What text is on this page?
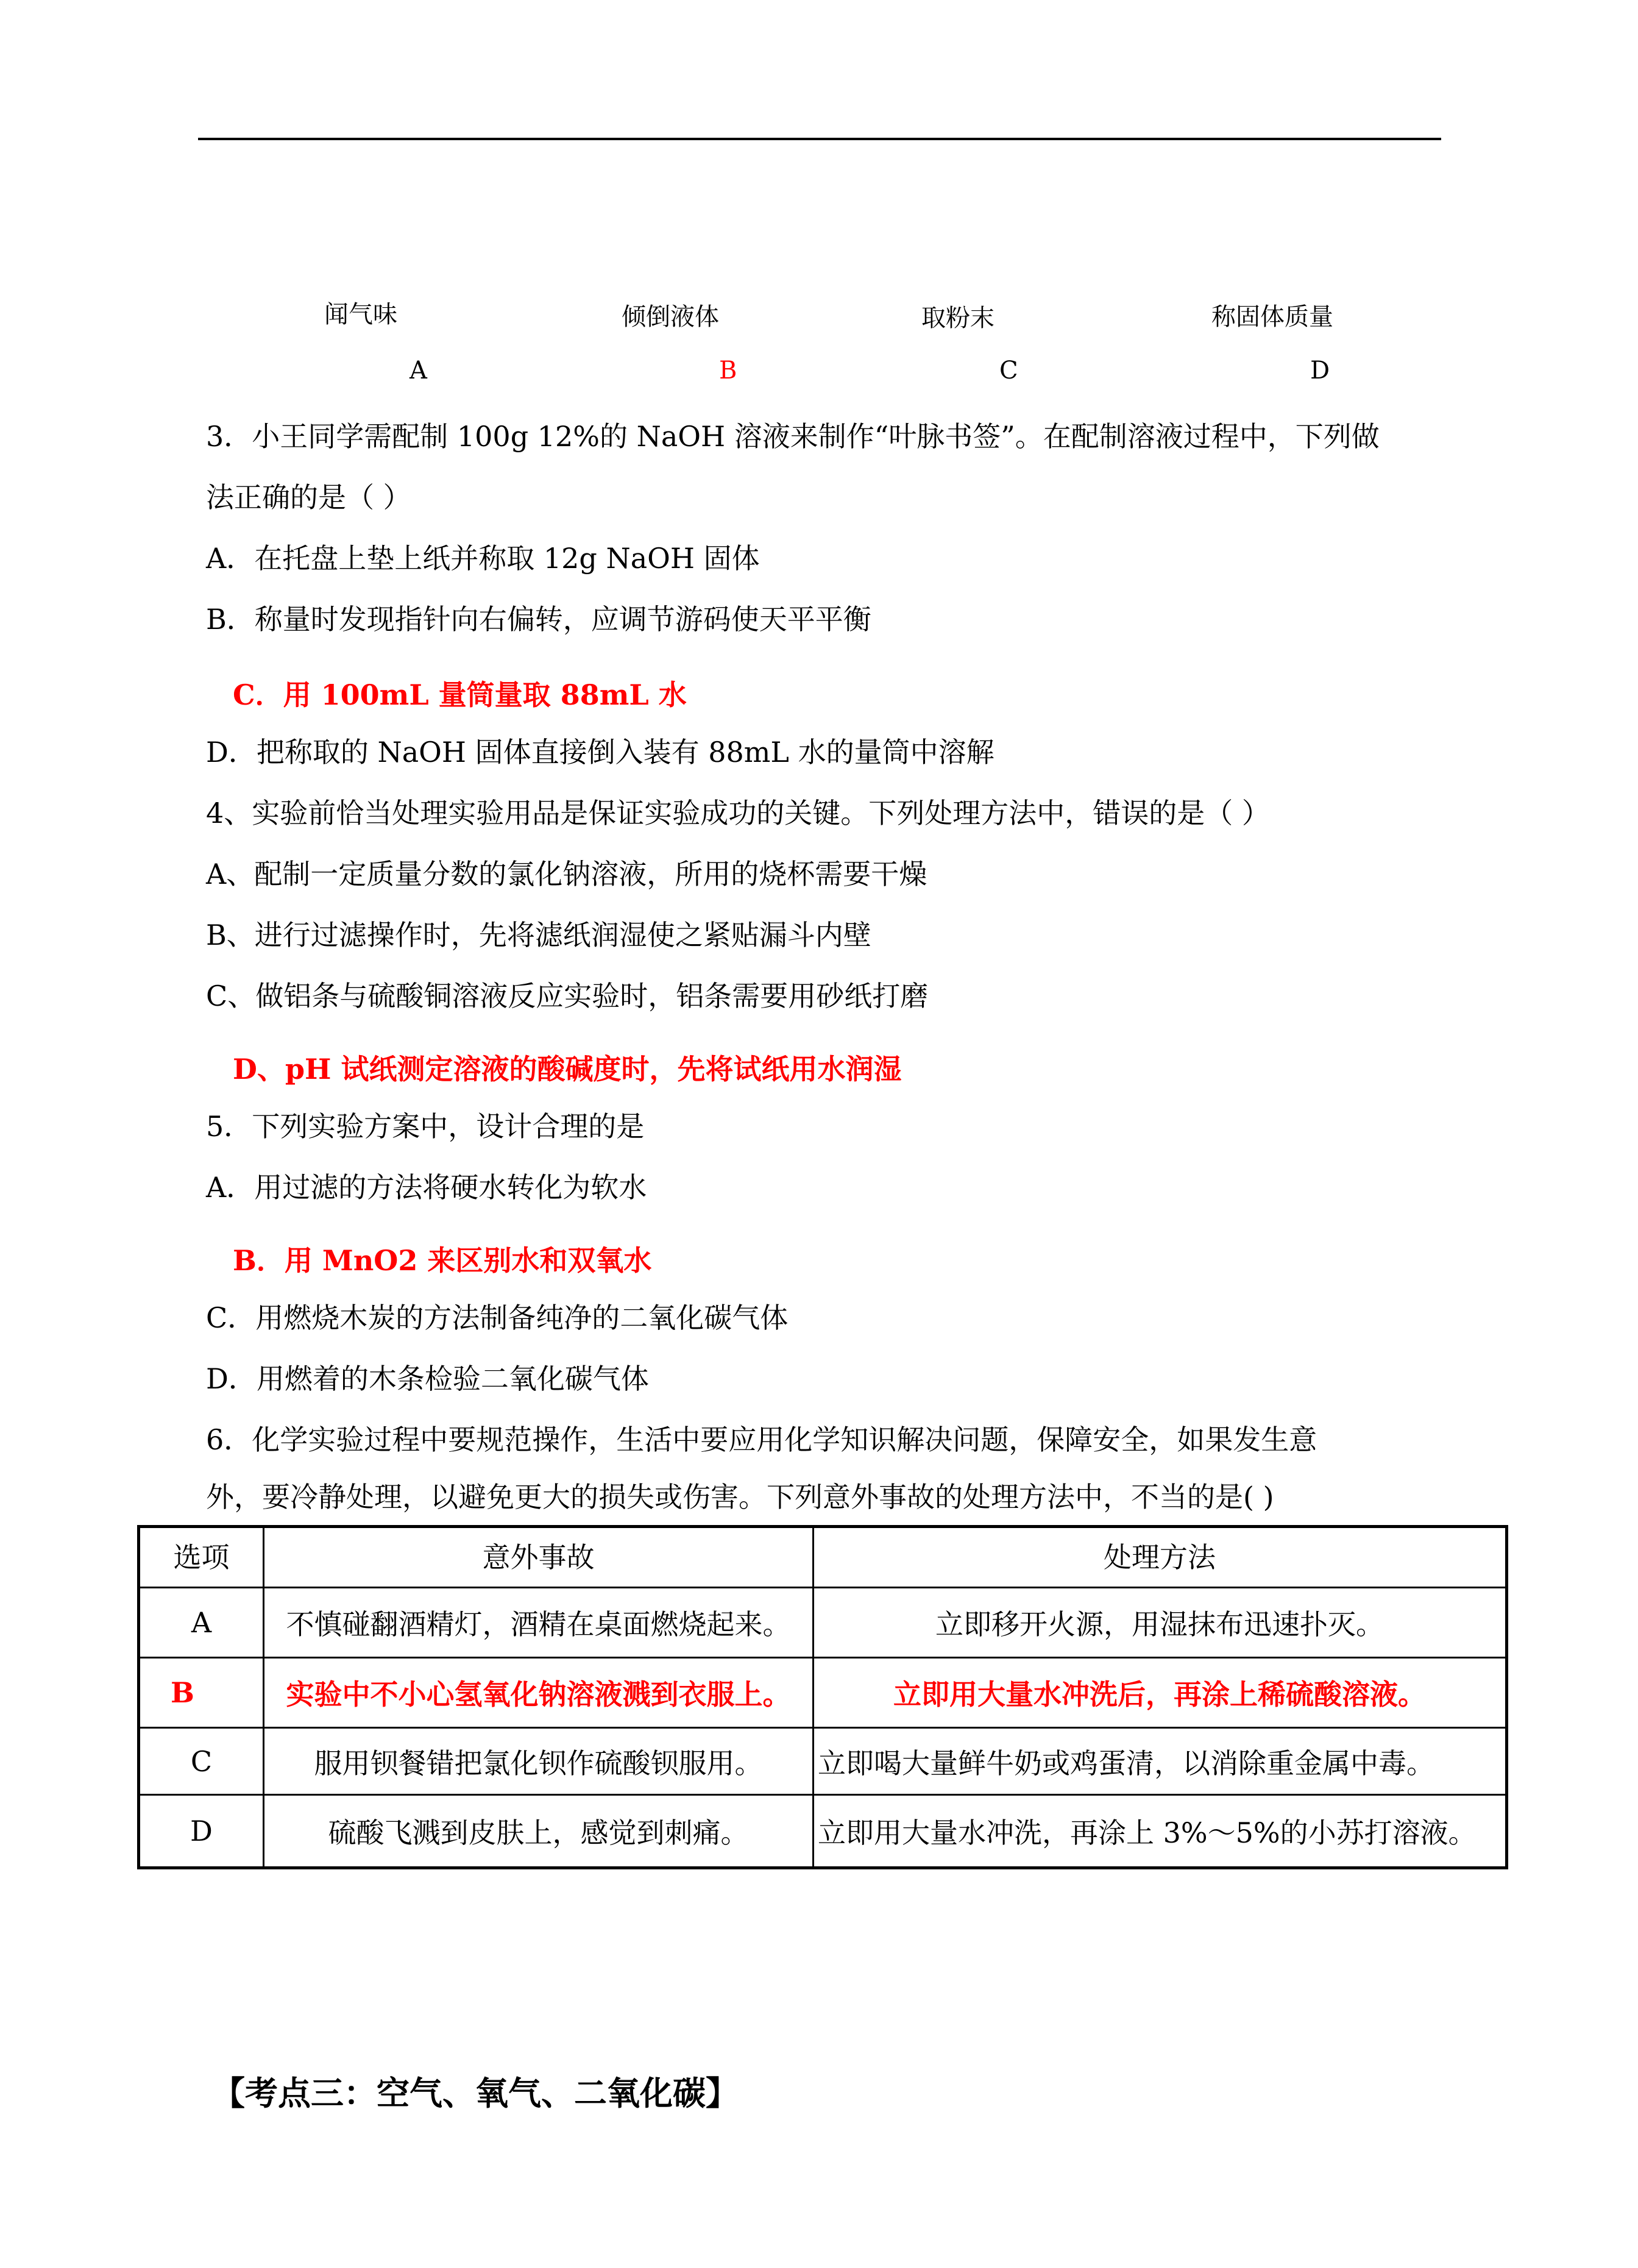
闻气味	倾倒液体	取粉末	称固体质量
A	B	C	D
3．小王同学需配制 100g 12%的 NaOH 溶液来制作“叶脉书签”。在配制溶液过程中，下列做
法正确的是（ ）
A．在托盘上垫上纸并称取 12g NaOH 固体
B．称量时发现指针向右偏转，应调节游码使天平平衡
C．用 100mL 量筒量取 88mL 水
D．把称取的 NaOH 固体直接倒入装有 88mL 水的量筒中溶解
4、实验前恰当处理实验用品是保证实验成功的关键。下列处理方法中，错误的是（ ）
A、配制一定质量分数的氯化钠溶液，所用的烧杯需要干燥
B、进行过滤操作时，先将滤纸润湿使之紧贴漏斗内壁
C、做铝条与硫酸铜溶液反应实验时，铝条需要用砂纸打磨
D、pH 试纸测定溶液的酸碱度时，先将试纸用水润湿
5．下列实验方案中，设计合理的是
A．用过滤的方法将硬水转化为软水
B．用 MnO2 来区别水和双氧水
C．用燃烧木炭的方法制备纯净的二氧化碳气体
D．用燃着的木条检验二氧化碳气体
6．化学实验过程中要规范操作，生活中要应用化学知识解决问题，保障安全，如果发生意
外，要冷静处理，以避免更大的损失或伤害。下列意外事故的处理方法中，不当的是( )
选项	意外事故	处理方法
A	不慎碰翻酒精灯，酒精在桌面燃烧起来。	立即移开火源，用湿抹布迅速扑灭。
B	实验中不小心氢氧化钠溶液溅到衣服上。	立即用大量水冲洗后，再涂上稀硫酸溶液。
C	服用钡餐错把氯化钡作硫酸钡服用。	立即喝大量鲜牛奶或鸡蛋清，以消除重金属中毒。
D	硫酸飞溅到皮肤上，感觉到刺痛。	立即用大量水冲洗，再涂上 3%～5%的小苏打溶液。
【考点三：空气、氧气、二氧化碳】
